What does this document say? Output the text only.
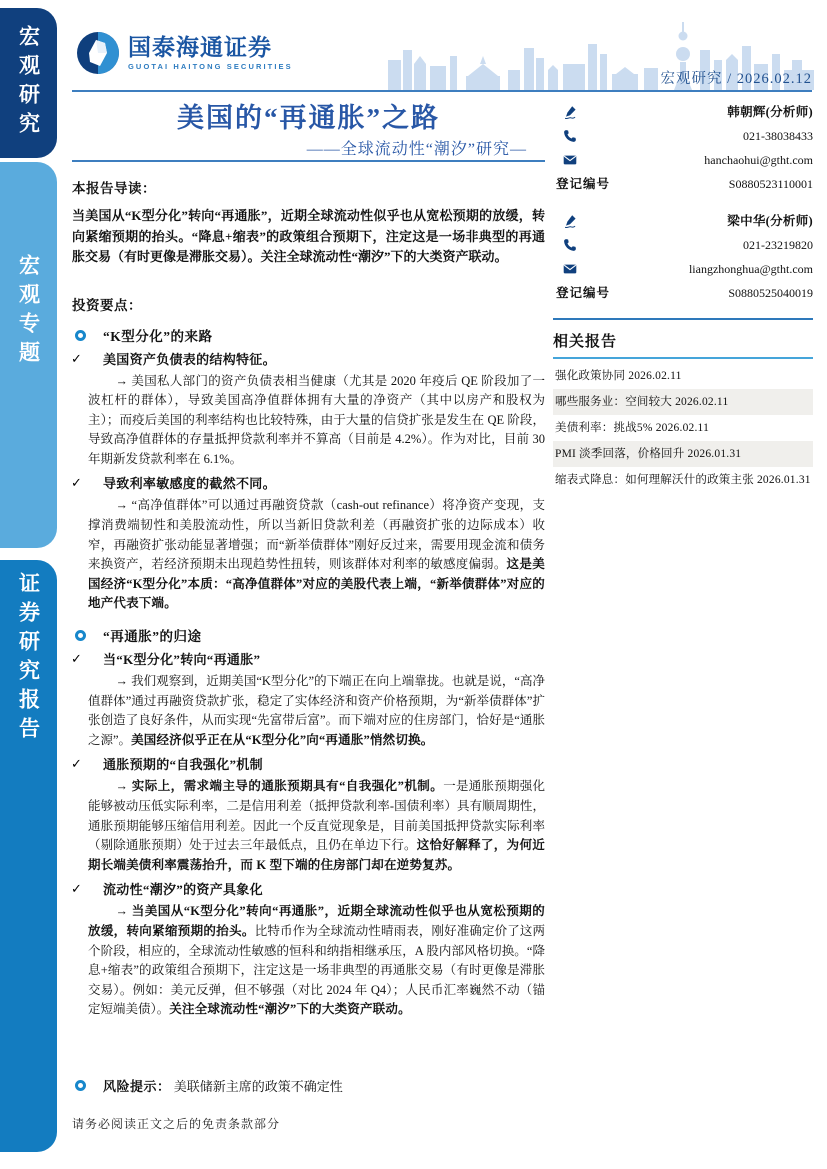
宏观研究
宏观专题
证券研究报告
国泰海通证券
GUOTAI HAITONG SECURITIES
宏观研究 / 2026.02.12
美国的“再通胀”之路
——全球流动性“潮汐”研究—
本报告导读：
当美国从“K型分化”转向“再通胀”，近期全球流动性似乎也从宽松预期的放缓，转向紧缩预期的抬头。“降息+缩表”的政策组合预期下，注定这是一场非典型的再通胀交易（有时更像是滞胀交易）。关注全球流动性“潮汐”下的大类资产联动。
投资要点：
“K型分化”的来路
✓ 美国资产负债表的结构特征。

→ 美国私人部门的资产负债表相当健康（尤其是 2020 年疫后 QE 阶段加了一波杠杆的群体），导致美国高净值群体拥有大量的净资产（其中以房产和股权为主）；而疫后美国的利率结构也比较特殊，由于大量的信贷扩张是发生在 QE 阶段，导致高净值群体的存量抵押贷款利率并不算高（目前是 4.2%）。作为对比，目前 30 年期新发贷款利率在 6.1%。

✓ 导致利率敏感度的截然不同。

→ “高净值群体”可以通过再融资贷款（cash-out refinance）将净资产变现，支撑消费端韧性和美股流动性，所以当新旧贷款利差（再融资扩张的边际成本）收窄，再融资扩张动能显著增强；而“新举债群体”刚好反过来，需要用现金流和债务来换资产，若经济预期未出现趋势性扭转，则该群体对利率的敏感度偏弱。这是美国经济“K型分化”本质：“高净值群体”对应的美股代表上端，“新举债群体”对应的地产代表下端。

“再通胀”的归途
✓ 当“K型分化”转向“再通胀”

→ 我们观察到，近期美国“K型分化”的下端正在向上端靠拢。也就是说，“高净值群体”通过再融资贷款扩张，稳定了实体经济和资产价格预期，为“新举债群体”扩张创造了良好条件，从而实现“先富带后富”。而下端对应的住房部门，恰好是“通胀之源”。美国经济似乎正在从“K型分化”向“再通胀”悄然切换。

✓ 通胀预期的“自我强化”机制

→ 实际上，需求端主导的通胀预期具有“自我强化”机制。一是通胀预期强化能够被动压低实际利率，二是信用利差（抵押贷款利率-国债利率）具有顺周期性，通胀预期能够压缩信用利差。因此一个反直觉现象是，目前美国抵押贷款实际利率（剔除通胀预期）处于过去三年最低点，且仍在单边下行。这恰好解释了，为何近期长端美债利率震荡抬升，而 K 型下端的住房部门却在逆势复苏。

✓ 流动性“潮汐”的资产具象化

→ 当美国从“K型分化”转向“再通胀”，近期全球流动性似乎也从宽松预期的放缓，转向紧缩预期的抬头。比特币作为全球流动性晴雨表，刚好准确定价了这两个阶段，相应的，全球流动性敏感的恒科和纳指相继承压，A 股内部风格切换。“降息+缩表”的政策组合预期下，注定这是一场非典型的再通胀交易（有时更像是滞胀交易）。例如：美元反弹，但不够强（对比 2024 年 Q4）；人民币汇率巍然不动（锚定短端美债）。关注全球流动性“潮汐”下的大类资产联动。

风险提示： 美联储新主席的政策不确定性
韩朝辉(分析师)
021-38038433
hanchaohui@gtht.com
登记编号	S0880523110001
梁中华(分析师)
021-23219820
liangzhonghua@gtht.com
登记编号	S0880525040019
相关报告
强化政策协同 2026.02.11
哪些服务业：空间较大 2026.02.11
美债利率：挑战5% 2026.02.11
PMI 淡季回落，价格回升 2026.01.31
缩表式降息：如何理解沃什的政策主张 2026.01.31
请务必阅读正文之后的免责条款部分
